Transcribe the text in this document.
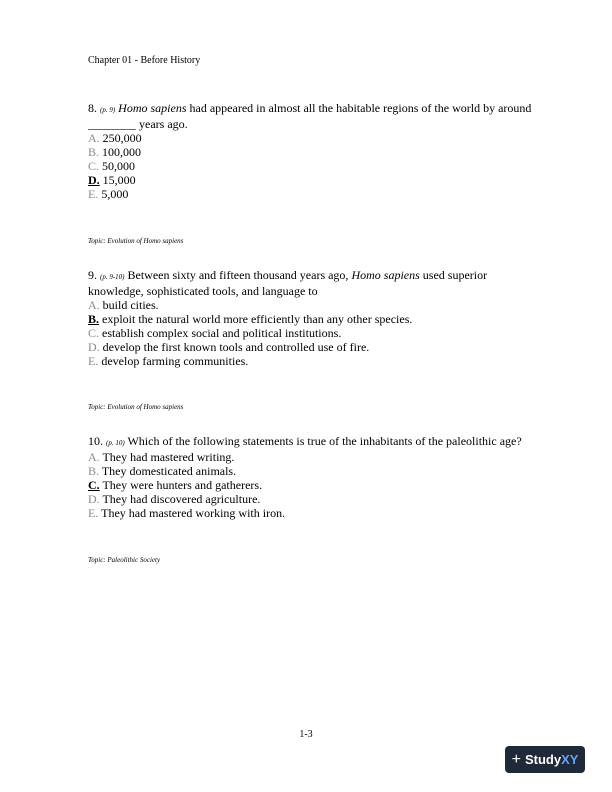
Chapter 01 - Before History

8. (p. 9) Homo sapiens had appeared in almost all the habitable regions of the world by around

________ years ago.

A. 250,000

B. 100,000

C. 50,000

D. 15,000

E. 5,000

Topic: Evolution of Homo sapiens

9. (p. 9-10) Between sixty and fifteen thousand years ago, Homo sapiens used superior

knowledge, sophisticated tools, and language to

A. build cities.

B. exploit the natural world more efficiently than any other species.

C. establish complex social and political institutions.

D. develop the first known tools and controlled use of fire.

E. develop farming communities.

Topic: Evolution of Homo sapiens

10. (p. 10) Which of the following statements is true of the inhabitants of the paleolithic age?

A. They had mastered writing.

B. They domesticated animals.

C. They were hunters and gatherers.

D. They had discovered agriculture.

E. They had mastered working with iron.

Topic: Paleolithic Society
1-3
+ StudyXY
